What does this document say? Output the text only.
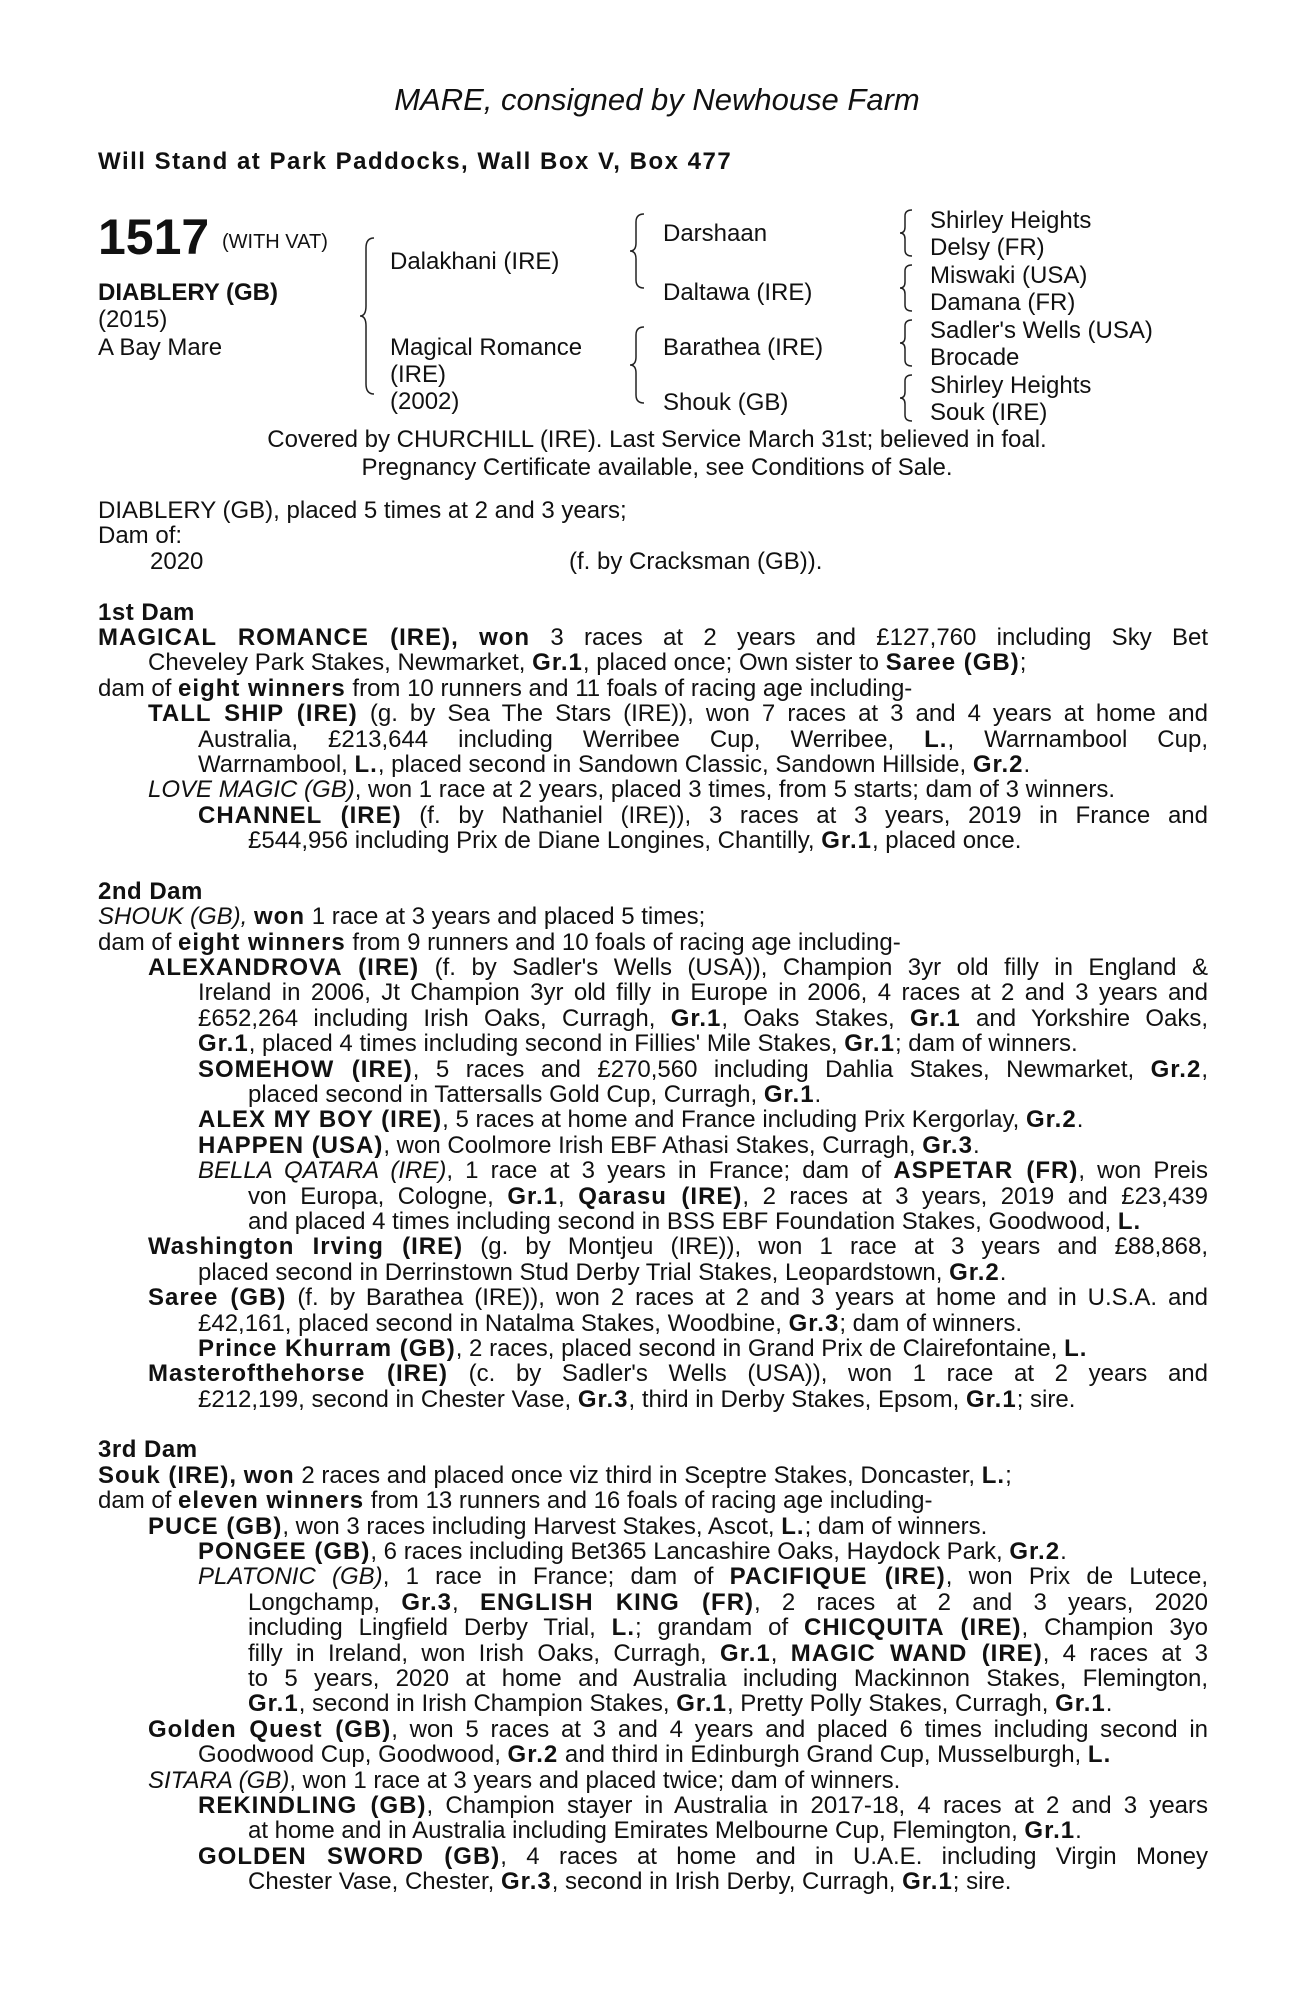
MARE, consigned by Newhouse Farm
Will Stand at Park Paddocks, Wall Box V, Box 477
1517 (WITH VAT)
DIABLERY (GB)
(2015)
A Bay Mare
Dalakhani (IRE)
Magical Romance
(IRE)
(2002)
Darshaan
Daltawa (IRE)
Barathea (IRE)
Shouk (GB)
Shirley Heights
Delsy (FR)
Miswaki (USA)
Damana (FR)
Sadler's Wells (USA)
Brocade
Shirley Heights
Souk (IRE)
Covered by CHURCHILL (IRE). Last Service March 31st; believed in foal.
Pregnancy Certificate available, see Conditions of Sale.
DIABLERY (GB), placed 5 times at 2 and 3 years;
Dam of:
2020	(f. by Cracksman (GB)).
1st Dam
MAGICAL ROMANCE (IRE), won 3 races at 2 years and £127,760 including Sky Bet
Cheveley Park Stakes, Newmarket, Gr.1, placed once; Own sister to Saree (GB);
dam of eight winners from 10 runners and 11 foals of racing age including-
TALL SHIP (IRE) (g. by Sea The Stars (IRE)), won 7 races at 3 and 4 years at home and
Australia, £213,644 including Werribee Cup, Werribee, L., Warrnambool Cup,
Warrnambool, L., placed second in Sandown Classic, Sandown Hillside, Gr.2.
LOVE MAGIC (GB), won 1 race at 2 years, placed 3 times, from 5 starts; dam of 3 winners.
CHANNEL (IRE) (f. by Nathaniel (IRE)), 3 races at 3 years, 2019 in France and
£544,956 including Prix de Diane Longines, Chantilly, Gr.1, placed once.
2nd Dam
SHOUK (GB), won 1 race at 3 years and placed 5 times;
dam of eight winners from 9 runners and 10 foals of racing age including-
ALEXANDROVA (IRE) (f. by Sadler's Wells (USA)), Champion 3yr old filly in England &
Ireland in 2006, Jt Champion 3yr old filly in Europe in 2006, 4 races at 2 and 3 years and
£652,264 including Irish Oaks, Curragh, Gr.1, Oaks Stakes, Gr.1 and Yorkshire Oaks,
Gr.1, placed 4 times including second in Fillies' Mile Stakes, Gr.1; dam of winners.
SOMEHOW (IRE), 5 races and £270,560 including Dahlia Stakes, Newmarket, Gr.2,
placed second in Tattersalls Gold Cup, Curragh, Gr.1.
ALEX MY BOY (IRE), 5 races at home and France including Prix Kergorlay, Gr.2.
HAPPEN (USA), won Coolmore Irish EBF Athasi Stakes, Curragh, Gr.3.
BELLA QATARA (IRE), 1 race at 3 years in France; dam of ASPETAR (FR), won Preis
von Europa, Cologne, Gr.1, Qarasu (IRE), 2 races at 3 years, 2019 and £23,439
and placed 4 times including second in BSS EBF Foundation Stakes, Goodwood, L.
Washington Irving (IRE) (g. by Montjeu (IRE)), won 1 race at 3 years and £88,868,
placed second in Derrinstown Stud Derby Trial Stakes, Leopardstown, Gr.2.
Saree (GB) (f. by Barathea (IRE)), won 2 races at 2 and 3 years at home and in U.S.A. and
£42,161, placed second in Natalma Stakes, Woodbine, Gr.3; dam of winners.
Prince Khurram (GB), 2 races, placed second in Grand Prix de Clairefontaine, L.
Masterofthehorse (IRE) (c. by Sadler's Wells (USA)), won 1 race at 2 years and
£212,199, second in Chester Vase, Gr.3, third in Derby Stakes, Epsom, Gr.1; sire.
3rd Dam
Souk (IRE), won 2 races and placed once viz third in Sceptre Stakes, Doncaster, L.;
dam of eleven winners from 13 runners and 16 foals of racing age including-
PUCE (GB), won 3 races including Harvest Stakes, Ascot, L.; dam of winners.
PONGEE (GB), 6 races including Bet365 Lancashire Oaks, Haydock Park, Gr.2.
PLATONIC (GB), 1 race in France; dam of PACIFIQUE (IRE), won Prix de Lutece,
Longchamp, Gr.3, ENGLISH KING (FR), 2 races at 2 and 3 years, 2020
including Lingfield Derby Trial, L.; grandam of CHICQUITA (IRE), Champion 3yo
filly in Ireland, won Irish Oaks, Curragh, Gr.1, MAGIC WAND (IRE), 4 races at 3
to 5 years, 2020 at home and Australia including Mackinnon Stakes, Flemington,
Gr.1, second in Irish Champion Stakes, Gr.1, Pretty Polly Stakes, Curragh, Gr.1.
Golden Quest (GB), won 5 races at 3 and 4 years and placed 6 times including second in
Goodwood Cup, Goodwood, Gr.2 and third in Edinburgh Grand Cup, Musselburgh, L.
SITARA (GB), won 1 race at 3 years and placed twice; dam of winners.
REKINDLING (GB), Champion stayer in Australia in 2017-18, 4 races at 2 and 3 years
at home and in Australia including Emirates Melbourne Cup, Flemington, Gr.1.
GOLDEN SWORD (GB), 4 races at home and in U.A.E. including Virgin Money
Chester Vase, Chester, Gr.3, second in Irish Derby, Curragh, Gr.1; sire.
